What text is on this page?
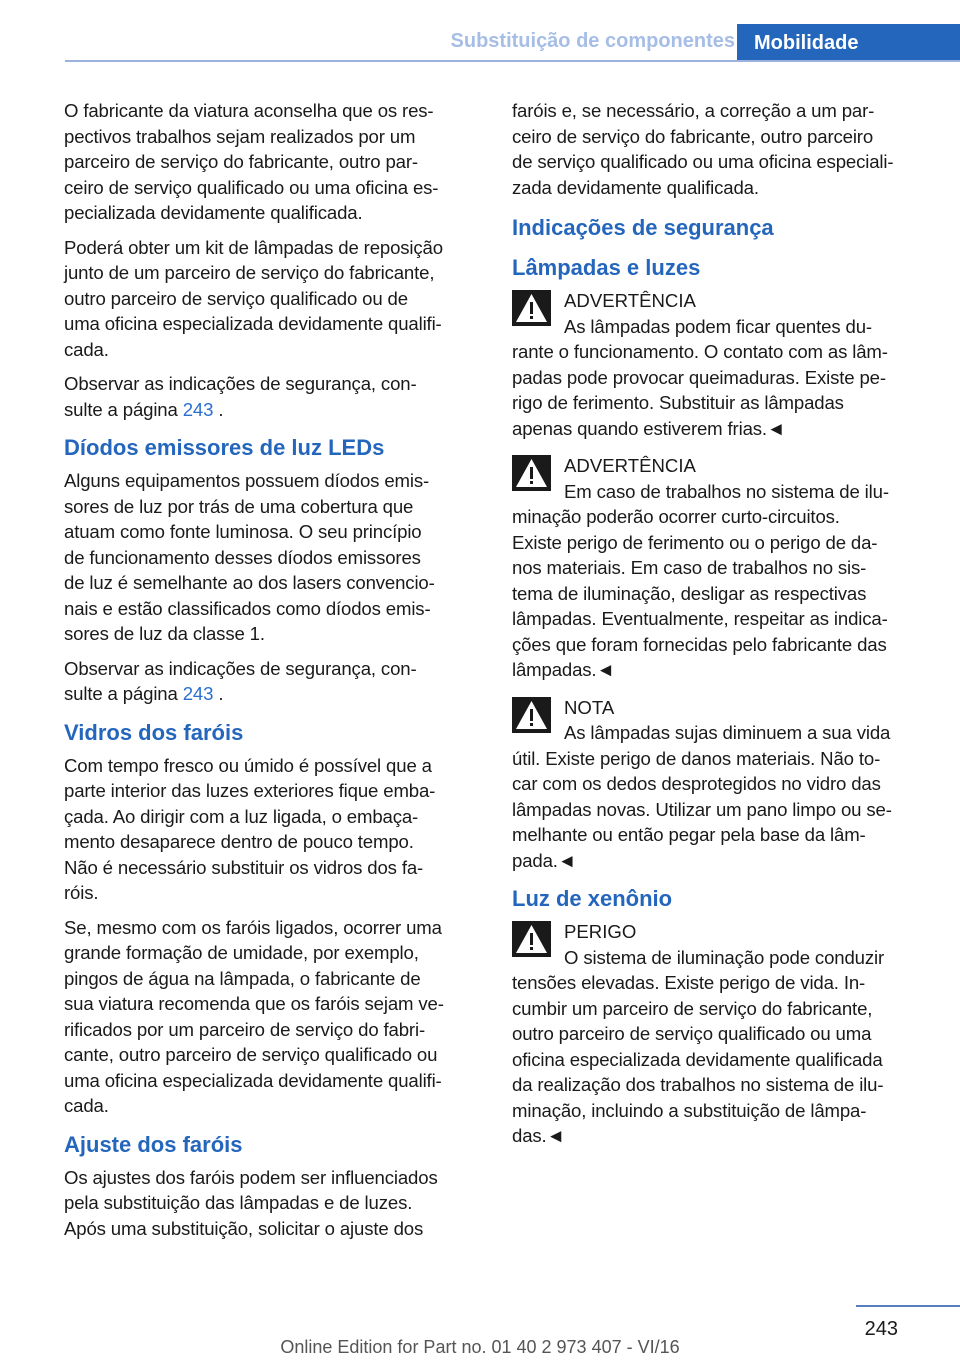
Substituição de componentes Mobilidade

O fabricante da viatura aconselha que os res-
pectivos trabalhos sejam realizados por um
parceiro de serviço do fabricante, outro par-
ceiro de serviço qualificado ou uma oficina es-
pecializada devidamente qualificada.

Poderá obter um kit de lâmpadas de reposição
junto de um parceiro de serviço do fabricante,
outro parceiro de serviço qualificado ou de
uma oficina especializada devidamente qualifi-
cada.

Observar as indicações de segurança, con-
sulte a página 243 .

Díodos emissores de luz LEDs

Alguns equipamentos possuem díodos emis-
sores de luz por trás de uma cobertura que
atuam como fonte luminosa. O seu princípio
de funcionamento desses díodos emissores
de luz é semelhante ao dos lasers convencio-
nais e estão classificados como díodos emis-
sores de luz da classe 1.

Observar as indicações de segurança, con-
sulte a página 243 .

Vidros dos faróis

Com tempo fresco ou úmido é possível que a
parte interior das luzes exteriores fique emba-
çada. Ao dirigir com a luz ligada, o embaça-
mento desaparece dentro de pouco tempo.
Não é necessário substituir os vidros dos fa-
róis.

Se, mesmo com os faróis ligados, ocorrer uma
grande formação de umidade, por exemplo,
pingos de água na lâmpada, o fabricante de
sua viatura recomenda que os faróis sejam ve-
rificados por um parceiro de serviço do fabri-
cante, outro parceiro de serviço qualificado ou
uma oficina especializada devidamente qualifi-
cada.

Ajuste dos faróis

Os ajustes dos faróis podem ser influenciados
pela substituição das lâmpadas e de luzes.
Após uma substituição, solicitar o ajuste dos

faróis e, se necessário, a correção a um par-
ceiro de serviço do fabricante, outro parceiro
de serviço qualificado ou uma oficina especiali-
zada devidamente qualificada.

Indicações de segurança
Lâmpadas e luzes
ADVERTÊNCIA

As lâmpadas podem ficar quentes du-
rante o funcionamento. O contato com as lâm-
padas pode provocar queimaduras. Existe pe-
rigo de ferimento. Substituir as lâmpadas
apenas quando estiverem frias.◄

ADVERTÊNCIA

Em caso de trabalhos no sistema de ilu-
minação poderão ocorrer curto-circuitos.
Existe perigo de ferimento ou o perigo de da-
nos materiais. Em caso de trabalhos no sis-
tema de iluminação, desligar as respectivas
lâmpadas. Eventualmente, respeitar as indica-
ções que foram fornecidas pelo fabricante das
lâmpadas.◄

NOTA

As lâmpadas sujas diminuem a sua vida
útil. Existe perigo de danos materiais. Não to-
car com os dedos desprotegidos no vidro das
lâmpadas novas. Utilizar um pano limpo ou se-
melhante ou então pegar pela base da lâm-
pada.◄

Luz de xenônio
PERIGO

O sistema de iluminação pode conduzir
tensões elevadas. Existe perigo de vida. In-
cumbir um parceiro de serviço do fabricante,
outro parceiro de serviço qualificado ou uma
oficina especializada devidamente qualificada
da realização dos trabalhos no sistema de ilu-
minação, incluindo a substituição de lâmpa-
das.◄

243
Online Edition for Part no. 01 40 2 973 407 - VI/16
